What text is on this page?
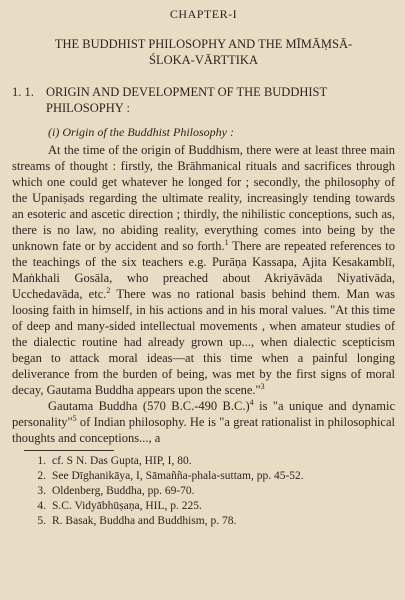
CHAPTER-I
THE BUDDHIST PHILOSOPHY AND THE MĪMĀṂSĀ-
ŚLOKA-VĀRTTIKA
1. 1. ORIGIN AND DEVELOPMENT OF THE BUDDHIST PHILOSOPHY :
(i) Origin of the Buddhist Philosophy :

At the time of the origin of Buddhism, there were at least three main streams of thought : firstly, the Brāhmanical rituals and sacrifices through which one could get whatever he longed for ; secondly, the philosophy of the Upaniṣads regarding the ultimate reality, increasingly tending towards an esoteric and ascetic direction ; thirdly, the nihilistic conceptions, such as, there is no law, no abiding reality, everything comes into being by the unknown fate or by accident and so forth.$^1$ There are repeated references to the teachings of the six teachers e.g. Purāṇa Kassapa, Ajita Kesakamblī, Maṅkhali Gosāla, who preached about Akriyāvāda Niyativāda, Ucchedavāda, etc.$^2$ There was no rational basis behind them. Man was loosing faith in himself, in his actions and in his moral values. "At this time of deep and many-sided intellectual movements , when amateur studies of the dialectic routine had already grown up..., when dialectic scepticism began to attack moral ideas—at this time when a painful longing deliverance from the burden of being, was met by the first signs of moral decay, Gautama Buddha appears upon the scene."$^3$

Gautama Buddha (570 B.C.-490 B.C.)$^4$ is "a unique and dynamic personality"$^5$ of Indian philosophy. He is "a great rationalist in philosophical thoughts and conceptions..., a

1. cf. S N. Das Gupta, HIP, I, 80.
2. See Dīghanikāya, I, Sāmañña-phala-suttam, pp. 45-52.
3. Oldenberg, Buddha, pp. 69-70.
4. S.C. Vidyābhūṣaṇa, HIL, p. 225.
5. R. Basak, Buddha and Buddhism, p. 78.
